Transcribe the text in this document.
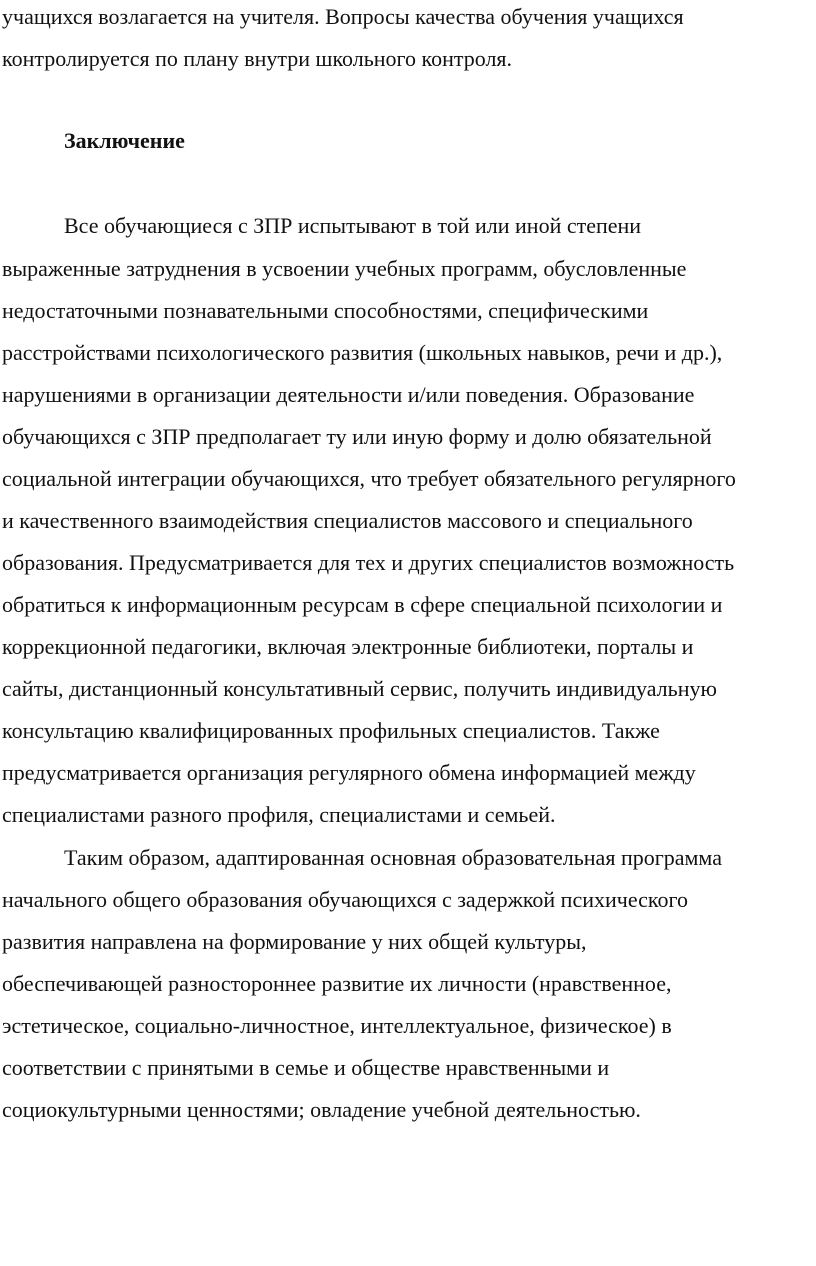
учащихся возлагается на учителя. Вопросы качества обучения учащихся
контролируется по плану внутри школьного контроля.
Заключение
Все обучающиеся с ЗПР испытывают в той или иной степени
выраженные затруднения в усвоении учебных программ, обусловленные
недостаточными познавательными способностями, специфическими
расстройствами психологического развития (школьных навыков, речи и др.),
нарушениями в организации деятельности и/или поведения. Образование
обучающихся с ЗПР предполагает ту или иную форму и долю обязательной
социальной интеграции обучающихся, что требует обязательного регулярного
и качественного взаимодействия специалистов массового и специального
образования. Предусматривается для тех и других специалистов возможность
обратиться к информационным ресурсам в сфере специальной психологии и
коррекционной педагогики, включая электронные библиотеки, порталы и
сайты, дистанционный консультативный сервис, получить индивидуальную
консультацию квалифицированных профильных специалистов. Также
предусматривается организация регулярного обмена информацией между
специалистами разного профиля, специалистами и семьей.
Таким образом, адаптированная основная образовательная программа
начального общего образования обучающихся с задержкой психического
развития направлена на формирование у них общей культуры,
обеспечивающей разностороннее развитие их личности (нравственное,
эстетическое, социально-личностное, интеллектуальное, физическое) в
соответствии с принятыми в семье и обществе нравственными и
социокультурными ценностями; овладение учебной деятельностью.
